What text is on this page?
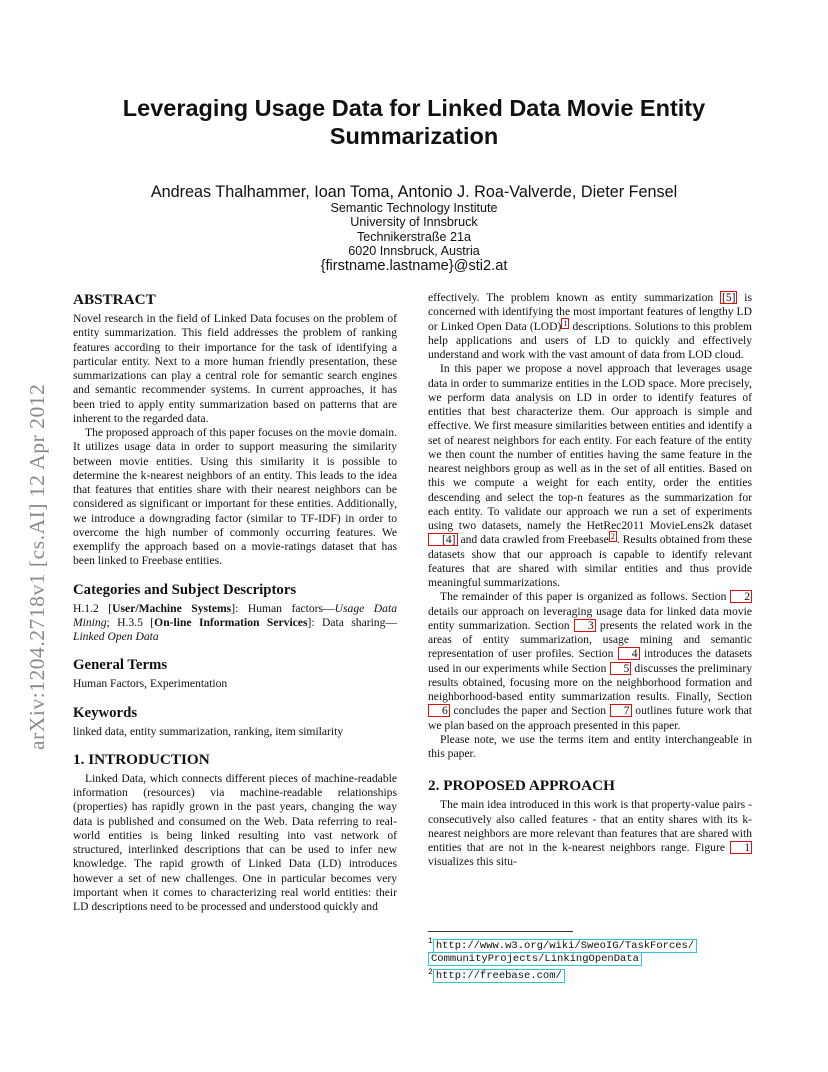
Leveraging Usage Data for Linked Data Movie Entity Summarization
Andreas Thalhammer, Ioan Toma, Antonio J. Roa-Valverde, Dieter Fensel
Semantic Technology Institute
University of Innsbruck
Technikerstraße 21a
6020 Innsbruck, Austria
{firstname.lastname}@sti2.at
arXiv:1204.2718v1 [cs.AI] 12 Apr 2012
ABSTRACT

Novel research in the field of Linked Data focuses on the problem of entity summarization. This field addresses the problem of ranking features according to their importance for the task of identifying a particular entity. Next to a more human friendly presentation, these summarizations can play a central role for semantic search engines and semantic recommender systems. In current approaches, it has been tried to apply entity summarization based on patterns that are inherent to the regarded data.

The proposed approach of this paper focuses on the movie domain. It utilizes usage data in order to support measuring the similarity between movie entities. Using this similarity it is possible to determine the k-nearest neighbors of an entity. This leads to the idea that features that entities share with their nearest neighbors can be considered as significant or important for these entities. Additionally, we introduce a downgrading factor (similar to TF-IDF) in order to overcome the high number of commonly occurring features. We exemplify the approach based on a movie-ratings dataset that has been linked to Freebase entities.

Categories and Subject Descriptors

H.1.2 [User/Machine Systems]: Human factors—Usage Data Mining; H.3.5 [On-line Information Services]: Data sharing—Linked Open Data

General Terms

Human Factors, Experimentation

Keywords

linked data, entity summarization, ranking, item similarity

1. INTRODUCTION

Linked Data, which connects different pieces of machine-readable information (resources) via machine-readable relationships (properties) has rapidly grown in the past years, changing the way data is published and consumed on the Web. Data referring to real-world entities is being linked resulting into vast network of structured, interlinked descriptions that can be used to infer new knowledge. The rapid growth of Linked Data (LD) introduces however a set of new challenges. One in particular becomes very important when it comes to characterizing real world entities: their LD descriptions need to be processed and understood quickly and

effectively. The problem known as entity summarization [5] is concerned with identifying the most important features of lengthy LD or Linked Open Data (LOD) $^1$ descriptions. Solutions to this problem help applications and users of LD to quickly and effectively understand and work with the vast amount of data from LOD cloud.

In this paper we propose a novel approach that leverages usage data in order to summarize entities in the LOD space. More precisely, we perform data analysis on LD in order to identify features of entities that best characterize them. Our approach is simple and effective. We first measure similarities between entities and identify a set of nearest neighbors for each entity. For each feature of the entity we then count the number of entities having the same feature in the nearest neighbors group as well as in the set of all entities. Based on this we compute a weight for each entity, order the entities descending and select the top-n features as the summarization for each entity. To validate our approach we run a set of experiments using two datasets, namely the HetRec2011 MovieLens2k dataset [4] and data crawled from Freebase $^2$ . Results obtained from these datasets show that our approach is capable to identify relevant features that are shared with similar entities and thus provide meaningful summarizations.

The remainder of this paper is organized as follows. Section 2 details our approach on leveraging usage data for linked data movie entity summarization. Section 3 presents the related work in the areas of entity summarization, usage mining and semantic representation of user profiles. Section 4 introduces the datasets used in our experiments while Section 5 discusses the preliminary results obtained, focusing more on the neighborhood formation and neighborhood-based entity summarization results. Finally, Section 6 concludes the paper and Section 7 outlines future work that we plan based on the approach presented in this paper.

Please note, we use the terms item and entity interchangeable in this paper.

2. PROPOSED APPROACH

The main idea introduced in this work is that property-value pairs - consecutively also called features - that an entity shares with its k-nearest neighbors are more relevant than features that are shared with entities that are not in the k-nearest neighbors range. Figure 1 visualizes this situ-

$^1$ http://www.w3.org/wiki/SweoIG/TaskForces/
CommunityProjects/LinkingOpenData
$^2$ http://freebase.com/
